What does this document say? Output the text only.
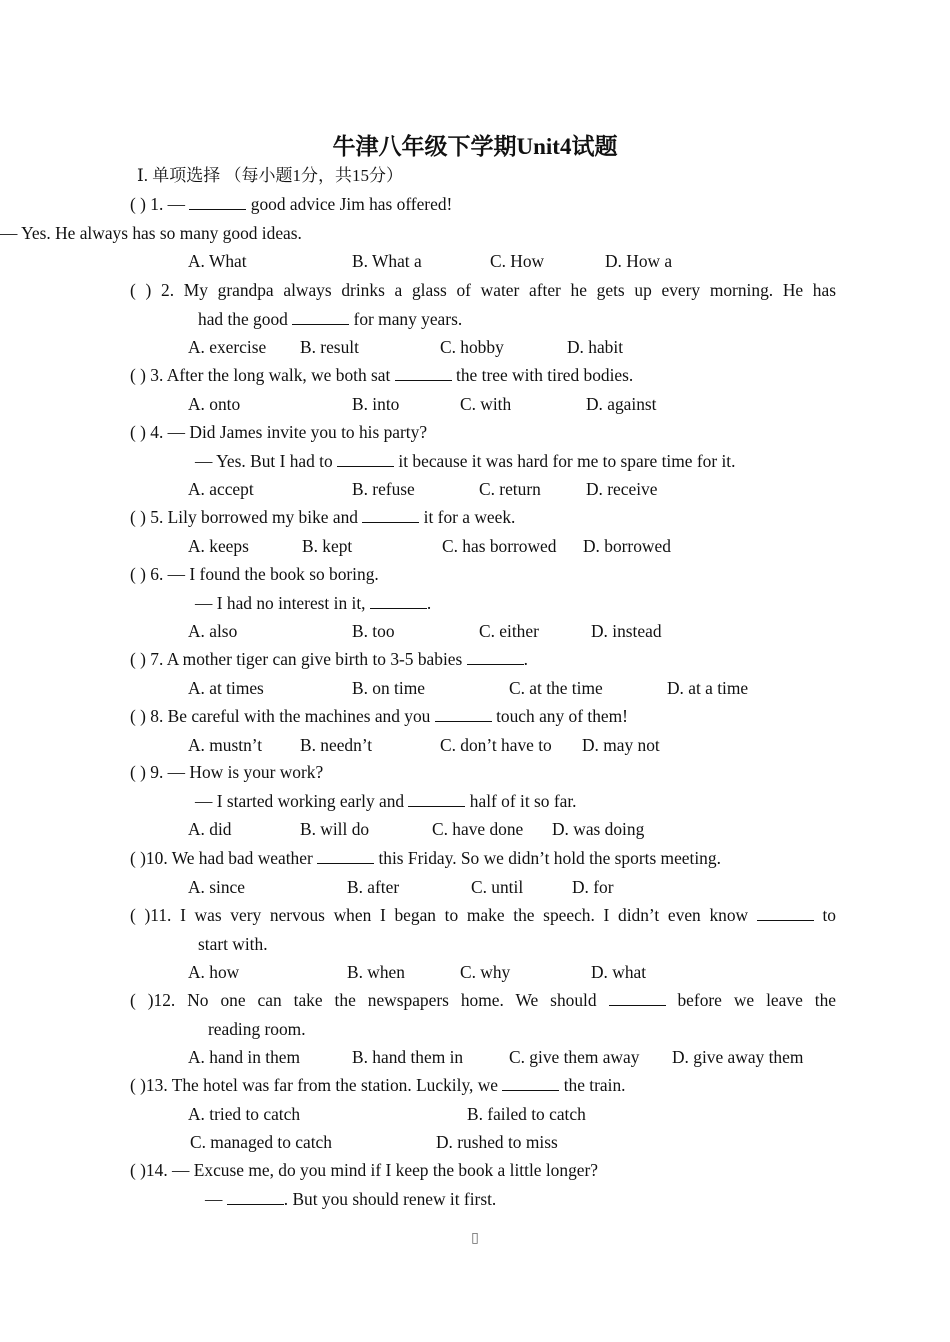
牛津八年级下学期Unit4试题
Ⅰ. 单项选择 （每小题1分，共15分）
( ) 1. —	good advice Jim has offered!
— Yes. He always has so many good ideas.
A. What	B. What a	C. How	D. How a
( ) 2. My grandpa always drinks a glass of water after he gets up every morning. He has
had the good	for many years.
A. exercise B. result	C. hobby	D. habit
( ) 3. After the long walk, we both sat	the tree with tired bodies.
A. onto	B. into	C. with	D. against
( ) 4. — Did James invite you to his party?
— Yes. But I had to	it because it was hard for me to spare time for it.
A. accept	B. refuse	C. return	D. receive
( ) 5. Lily borrowed my bike and	it for a week.
A. keeps	B. kept	C. has borrowed D. borrowed
( ) 6. — I found the book so boring.
— I had no interest in it,	.
A. also	B. too	C. either	D. instead
( ) 7. A mother tiger can give birth to 3-5 babies	.
A. at times	B. on time	C. at the time	D. at a time
( ) 8. Be careful with the machines and you	touch any of them!
A. mustn’t B. needn’t	C. don’t have to D. may not
( ) 9. — How is your work?
— I started working early and	half of it so far.
A. did	B. will do	C. have done D. was doing
( )10. We had bad weather	this Friday. So we didn’t hold the sports meeting.
A. since	B. after	C. until	D. for
( )11. I was very nervous when I began to make the speech. I didn’t even know	to
start with.
A. how	B. when	C. why	D. what
( )12. No one can take the newspapers home. We should	before we leave the
reading room.
A. hand in them	B. hand them in	C. give them away D. give away them
( )13. The hotel was far from the station. Luckily, we	the train.
A. tried to catch	B. failed to catch
C. managed to catch	D. rushed to miss
( )14. — Excuse me, do you mind if I keep the book a little longer?
—	. But you should renew it first.
▯
